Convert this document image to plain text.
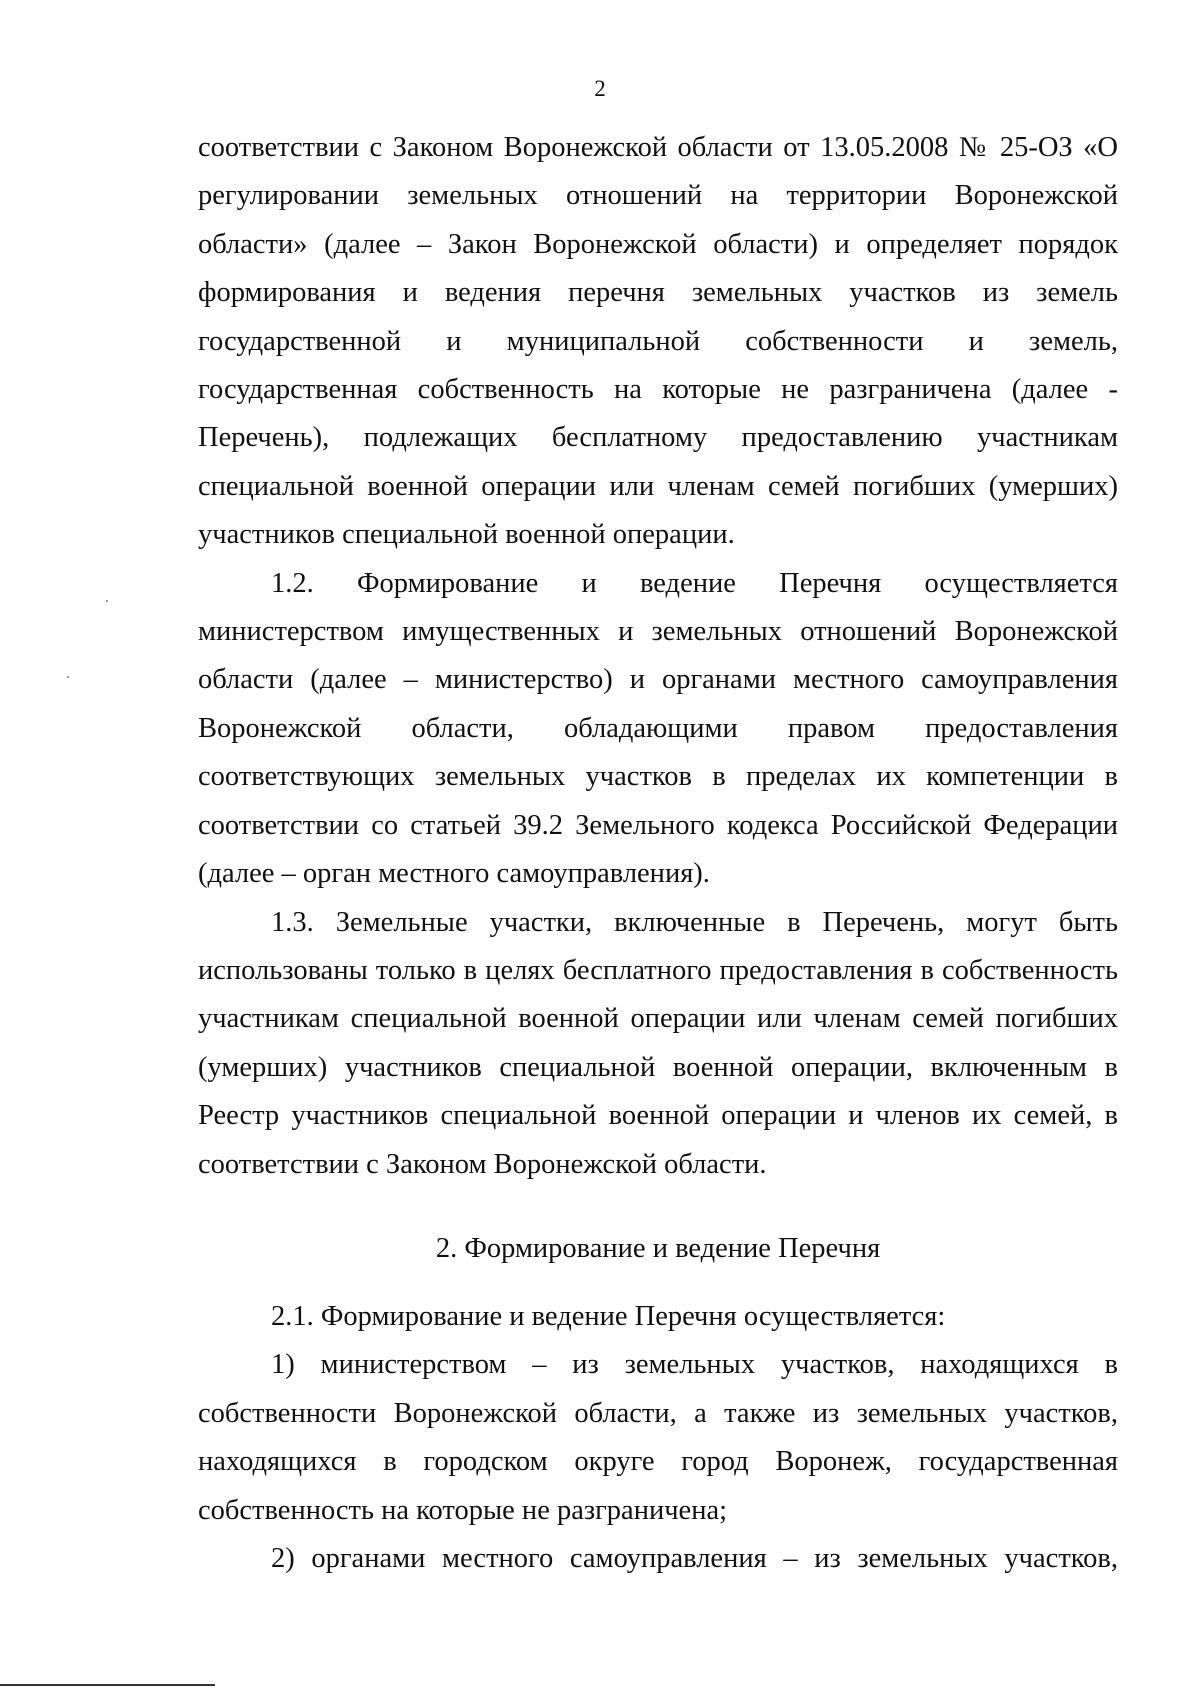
2

соответствии с Законом Воронежской области от 13.05.2008 № 25-ОЗ «О регулировании земельных отношений на территории Воронежской области» (далее – Закон Воронежской области) и определяет порядок формирования и ведения перечня земельных участков из земель государственной и муниципальной собственности и земель, государственная собственность на которые не разграничена (далее - Перечень), подлежащих бесплатному предоставлению участникам специальной военной операции или членам семей погибших (умерших) участников специальной военной операции.

1.2. Формирование и ведение Перечня осуществляется министерством имущественных и земельных отношений Воронежской области (далее – министерство) и органами местного самоуправления Воронежской области, обладающими правом предоставления соответствующих земельных участков в пределах их компетенции в соответствии со статьей 39.2 Земельного кодекса Российской Федерации (далее – орган местного самоуправления).

1.3. Земельные участки, включенные в Перечень, могут быть использованы только в целях бесплатного предоставления в собственность участникам специальной военной операции или членам семей погибших (умерших) участников специальной военной операции, включенным в Реестр участников специальной военной операции и членов их семей, в соответствии с Законом Воронежской области.

2. Формирование и ведение Перечня

2.1. Формирование и ведение Перечня осуществляется:

1) министерством – из земельных участков, находящихся в собственности Воронежской области, а также из земельных участков, находящихся в городском округе город Воронеж, государственная собственность на которые не разграничена;

2) органами местного самоуправления – из земельных участков,
